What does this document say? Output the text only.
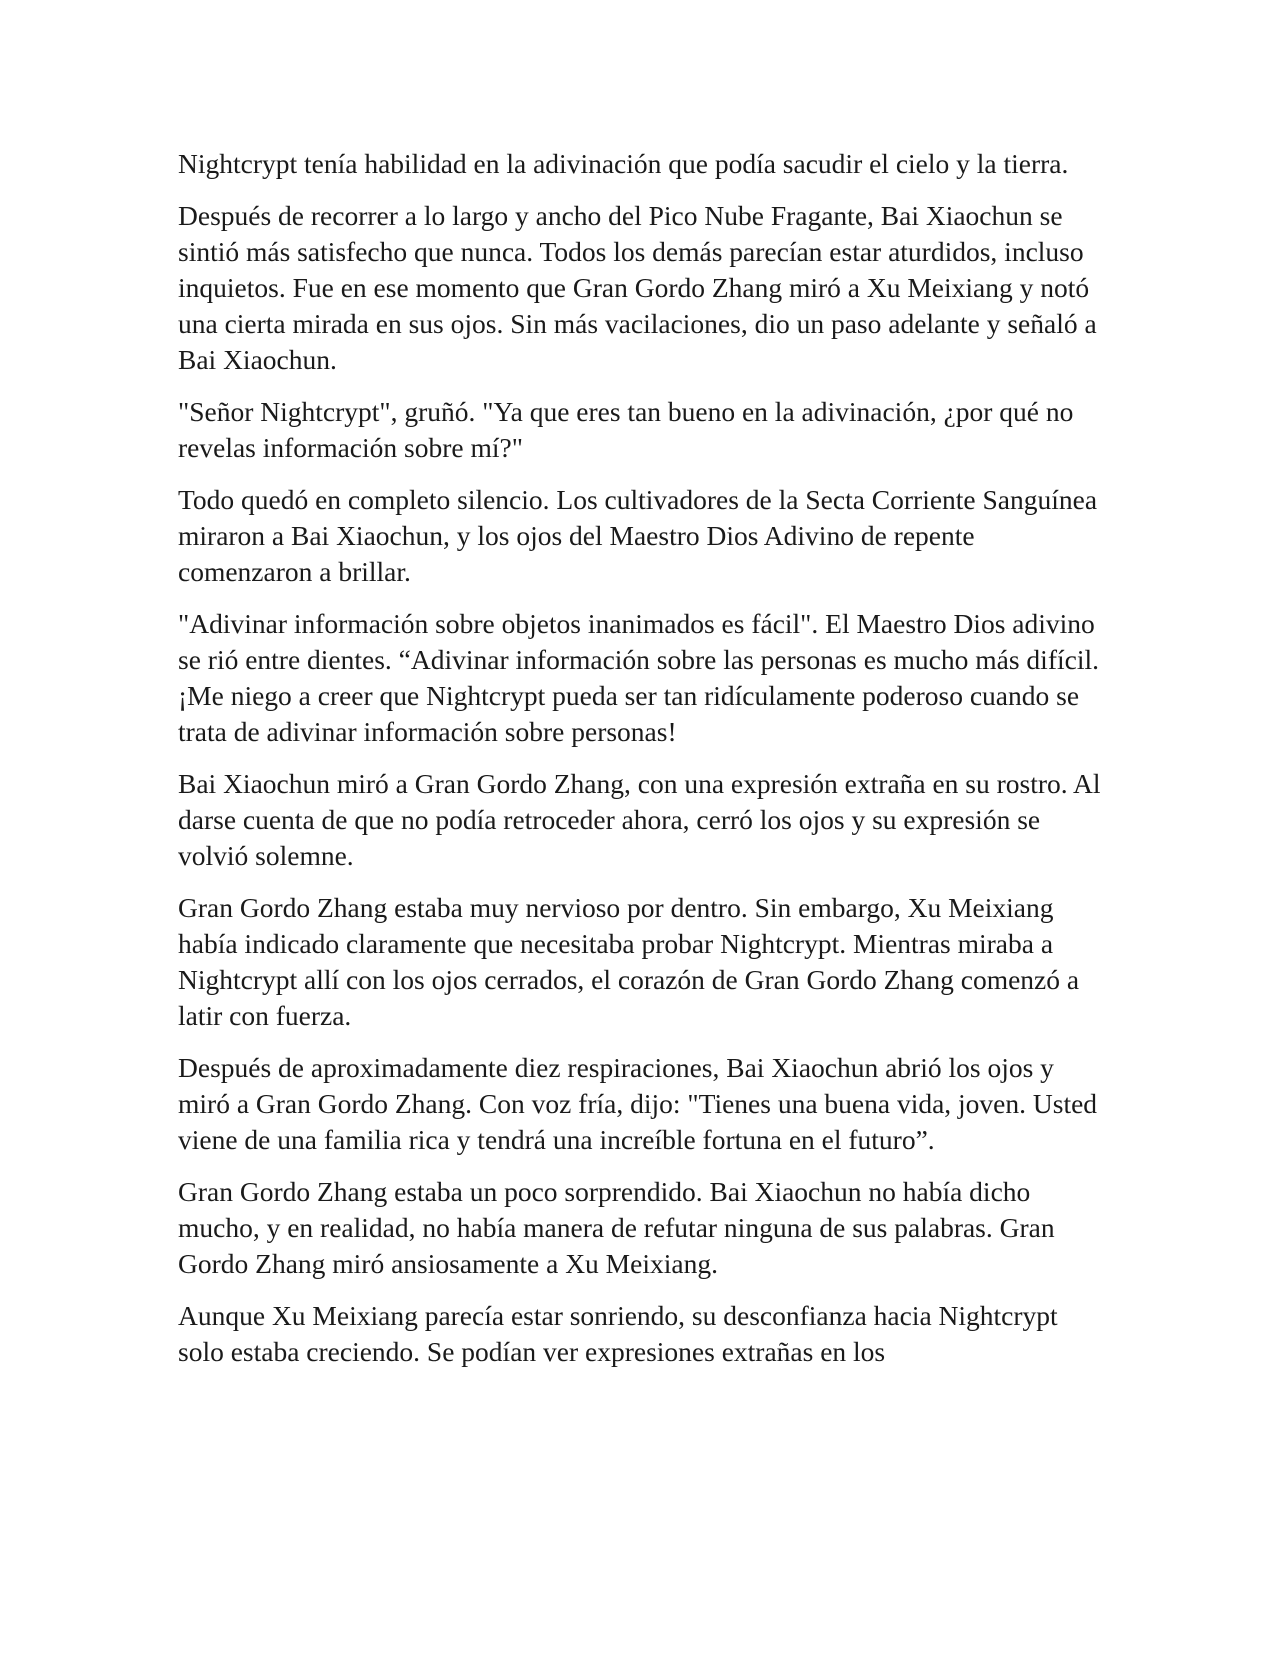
Nightcrypt tenía habilidad en la adivinación que podía sacudir el cielo y la tierra.

Después de recorrer a lo largo y ancho del Pico Nube Fragante, Bai Xiaochun se sintió más satisfecho que nunca. Todos los demás parecían estar aturdidos, incluso inquietos. Fue en ese momento que Gran Gordo Zhang miró a Xu Meixiang y notó una cierta mirada en sus ojos. Sin más vacilaciones, dio un paso adelante y señaló a Bai Xiaochun.

"Señor Nightcrypt", gruñó. "Ya que eres tan bueno en la adivinación, ¿por qué no revelas información sobre mí?"

Todo quedó en completo silencio. Los cultivadores de la Secta Corriente Sanguínea miraron a Bai Xiaochun, y los ojos del Maestro Dios Adivino de repente comenzaron a brillar.

"Adivinar información sobre objetos inanimados es fácil". El Maestro Dios adivino se rió entre dientes. “Adivinar información sobre las personas es mucho más difícil. ¡Me niego a creer que Nightcrypt pueda ser tan ridículamente poderoso cuando se trata de adivinar información sobre personas!

Bai Xiaochun miró a Gran Gordo Zhang, con una expresión extraña en su rostro. Al darse cuenta de que no podía retroceder ahora, cerró los ojos y su expresión se volvió solemne.

Gran Gordo Zhang estaba muy nervioso por dentro. Sin embargo, Xu Meixiang había indicado claramente que necesitaba probar Nightcrypt. Mientras miraba a Nightcrypt allí con los ojos cerrados, el corazón de Gran Gordo Zhang comenzó a latir con fuerza.

Después de aproximadamente diez respiraciones, Bai Xiaochun abrió los ojos y miró a Gran Gordo Zhang. Con voz fría, dijo: "Tienes una buena vida, joven. Usted viene de una familia rica y tendrá una increíble fortuna en el futuro”.

Gran Gordo Zhang estaba un poco sorprendido. Bai Xiaochun no había dicho mucho, y en realidad, no había manera de refutar ninguna de sus palabras. Gran Gordo Zhang miró ansiosamente a Xu Meixiang.

Aunque Xu Meixiang parecía estar sonriendo, su desconfianza hacia Nightcrypt solo estaba creciendo. Se podían ver expresiones extrañas en los
